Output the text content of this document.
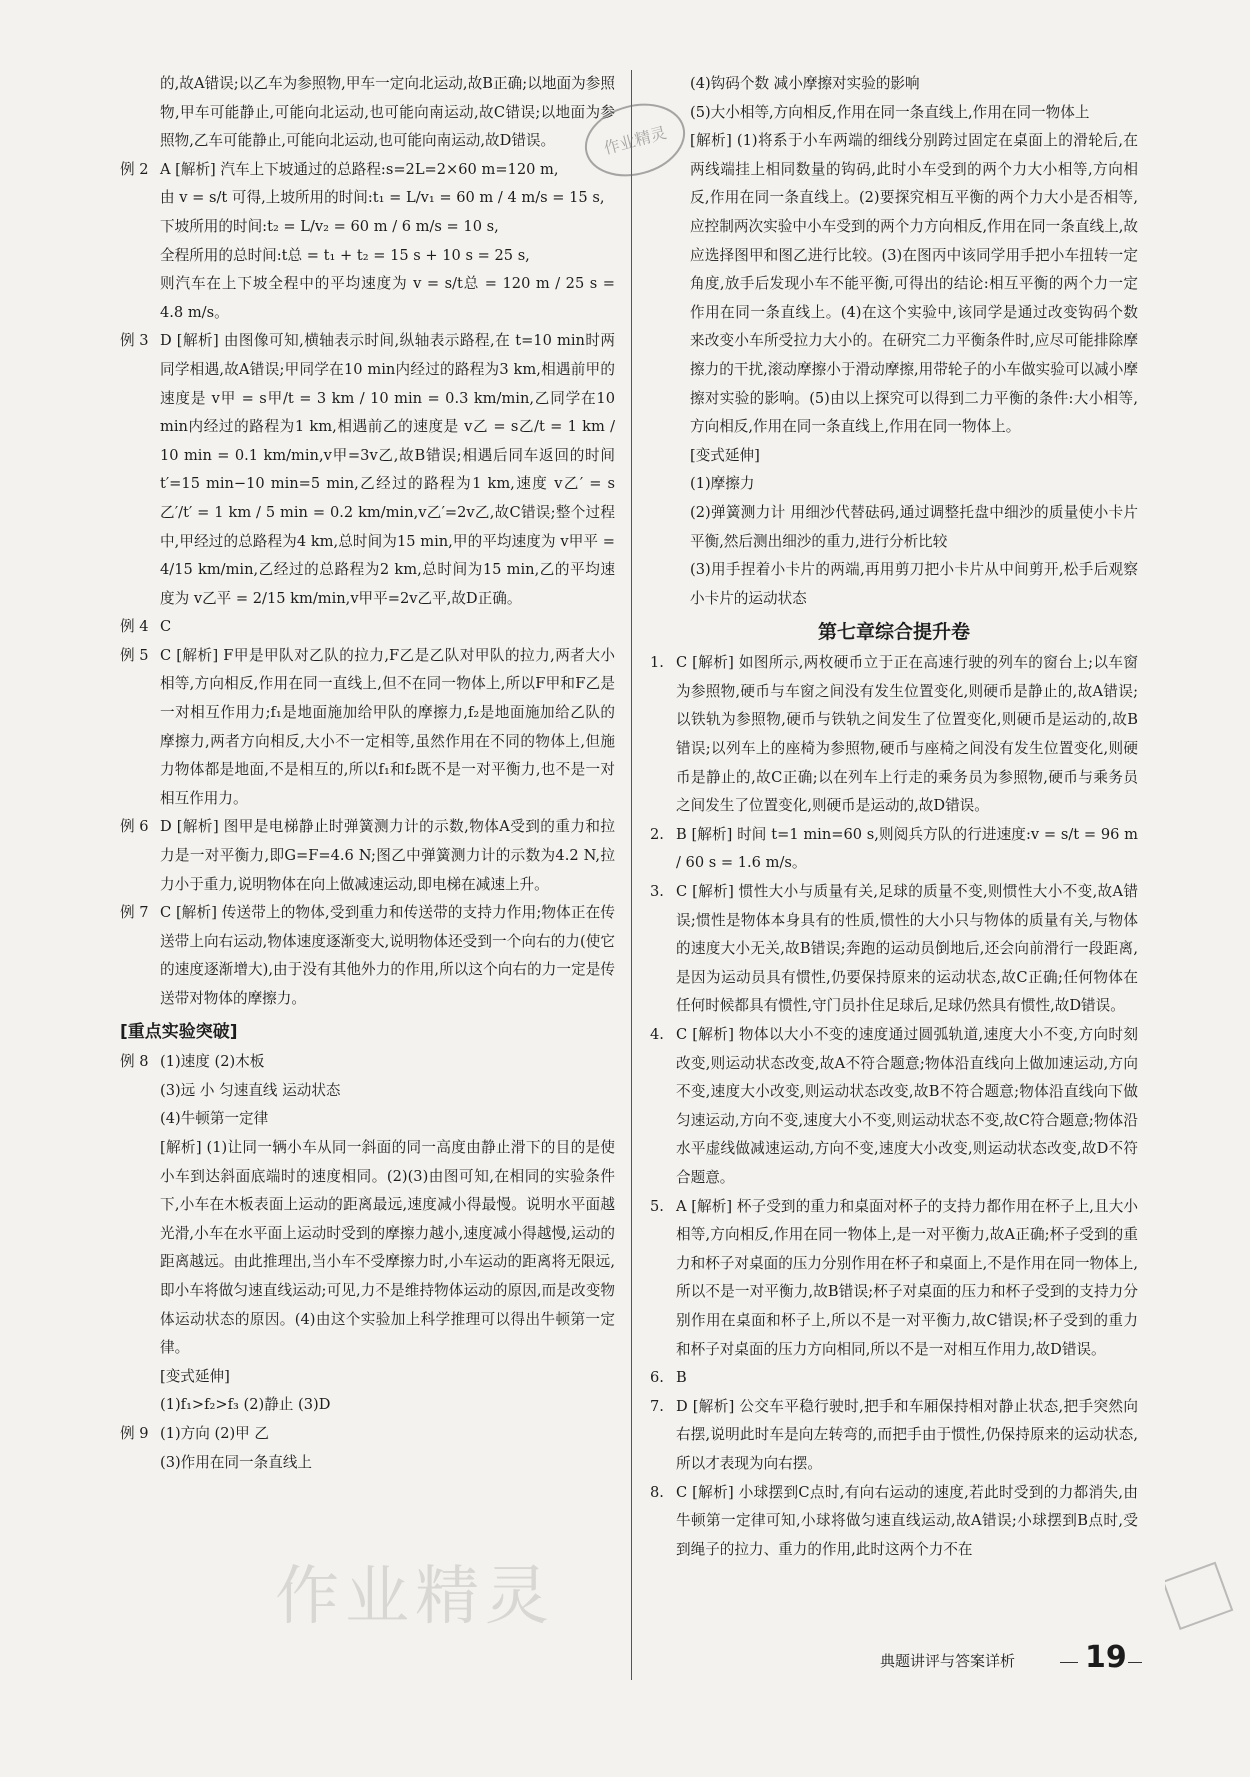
的,故A错误;以乙车为参照物,甲车一定向北运动,故B正确;以地面为参照物,甲车可能静止,可能向北运动,也可能向南运动,故C错误;以地面为参照物,乙车可能静止,可能向北运动,也可能向南运动,故D错误。

例 2 A [解析] 汽车上下坡通过的总路程:s=2L=2×60 m=120 m,

由 v = s/t 可得,上坡所用的时间:t₁ = L/v₁ = 60 m / 4 m/s = 15 s,

下坡所用的时间:t₂ = L/v₂ = 60 m / 6 m/s = 10 s,

全程所用的总时间:t总 = t₁ + t₂ = 15 s + 10 s = 25 s,

则汽车在上下坡全程中的平均速度为 v = s/t总 = 120 m / 25 s = 4.8 m/s。

例 3 D [解析] 由图像可知,横轴表示时间,纵轴表示路程,在 t=10 min时两同学相遇,故A错误;甲同学在10 min内经过的路程为3 km,相遇前甲的速度是 v甲 = s甲/t = 3 km / 10 min = 0.3 km/min,乙同学在10 min内经过的路程为1 km,相遇前乙的速度是 v乙 = s乙/t = 1 km / 10 min = 0.1 km/min,v甲=3v乙,故B错误;相遇后同车返回的时间 t′=15 min−10 min=5 min,乙经过的路程为1 km,速度 v乙′ = s乙′/t′ = 1 km / 5 min = 0.2 km/min,v乙′=2v乙,故C错误;整个过程中,甲经过的总路程为4 km,总时间为15 min,甲的平均速度为 v甲平 = 4/15 km/min,乙经过的总路程为2 km,总时间为15 min,乙的平均速度为 v乙平 = 2/15 km/min,v甲平=2v乙平,故D正确。

例 4 C

例 5 C [解析] F甲是甲队对乙队的拉力,F乙是乙队对甲队的拉力,两者大小相等,方向相反,作用在同一直线上,但不在同一物体上,所以F甲和F乙是一对相互作用力;f₁是地面施加给甲队的摩擦力,f₂是地面施加给乙队的摩擦力,两者方向相反,大小不一定相等,虽然作用在不同的物体上,但施力物体都是地面,不是相互的,所以f₁和f₂既不是一对平衡力,也不是一对相互作用力。

例 6 D [解析] 图甲是电梯静止时弹簧测力计的示数,物体A受到的重力和拉力是一对平衡力,即G=F=4.6 N;图乙中弹簧测力计的示数为4.2 N,拉力小于重力,说明物体在向上做减速运动,即电梯在减速上升。

例 7 C [解析] 传送带上的物体,受到重力和传送带的支持力作用;物体正在传送带上向右运动,物体速度逐渐变大,说明物体还受到一个向右的力(使它的速度逐渐增大),由于没有其他外力的作用,所以这个向右的力一定是传送带对物体的摩擦力。

[重点实验突破]
例 8 (1)速度 (2)木板

(3)远 小 匀速直线 运动状态

(4)牛顿第一定律

[解析] (1)让同一辆小车从同一斜面的同一高度由静止滑下的目的是使小车到达斜面底端时的速度相同。(2)(3)由图可知,在相同的实验条件下,小车在木板表面上运动的距离最远,速度减小得最慢。说明水平面越光滑,小车在水平面上运动时受到的摩擦力越小,速度减小得越慢,运动的距离越远。由此推理出,当小车不受摩擦力时,小车运动的距离将无限远,即小车将做匀速直线运动;可见,力不是维持物体运动的原因,而是改变物体运动状态的原因。(4)由这个实验加上科学推理可以得出牛顿第一定律。

[变式延伸]

(1)f₁>f₂>f₃ (2)静止 (3)D

例 9 (1)方向 (2)甲 乙

(3)作用在同一条直线上

(4)钩码个数 减小摩擦对实验的影响

(5)大小相等,方向相反,作用在同一条直线上,作用在同一物体上

[解析] (1)将系于小车两端的细线分别跨过固定在桌面上的滑轮后,在两线端挂上相同数量的钩码,此时小车受到的两个力大小相等,方向相反,作用在同一条直线上。(2)要探究相互平衡的两个力大小是否相等,应控制两次实验中小车受到的两个力方向相反,作用在同一条直线上,故应选择图甲和图乙进行比较。(3)在图丙中该同学用手把小车扭转一定角度,放手后发现小车不能平衡,可得出的结论:相互平衡的两个力一定作用在同一条直线上。(4)在这个实验中,该同学是通过改变钩码个数来改变小车所受拉力大小的。在研究二力平衡条件时,应尽可能排除摩擦力的干扰,滚动摩擦小于滑动摩擦,用带轮子的小车做实验可以减小摩擦对实验的影响。(5)由以上探究可以得到二力平衡的条件:大小相等,方向相反,作用在同一条直线上,作用在同一物体上。

[变式延伸]

(1)摩擦力

(2)弹簧测力计 用细沙代替砝码,通过调整托盘中细沙的质量使小卡片平衡,然后测出细沙的重力,进行分析比较

(3)用手捏着小卡片的两端,再用剪刀把小卡片从中间剪开,松手后观察小卡片的运动状态

第七章综合提升卷
1. C [解析] 如图所示,两枚硬币立于正在高速行驶的列车的窗台上;以车窗为参照物,硬币与车窗之间没有发生位置变化,则硬币是静止的,故A错误;以铁轨为参照物,硬币与铁轨之间发生了位置变化,则硬币是运动的,故B错误;以列车上的座椅为参照物,硬币与座椅之间没有发生位置变化,则硬币是静止的,故C正确;以在列车上行走的乘务员为参照物,硬币与乘务员之间发生了位置变化,则硬币是运动的,故D错误。

2. B [解析] 时间 t=1 min=60 s,则阅兵方队的行进速度:v = s/t = 96 m / 60 s = 1.6 m/s。

3. C [解析] 惯性大小与质量有关,足球的质量不变,则惯性大小不变,故A错误;惯性是物体本身具有的性质,惯性的大小只与物体的质量有关,与物体的速度大小无关,故B错误;奔跑的运动员倒地后,还会向前滑行一段距离,是因为运动员具有惯性,仍要保持原来的运动状态,故C正确;任何物体在任何时候都具有惯性,守门员扑住足球后,足球仍然具有惯性,故D错误。

4. C [解析] 物体以大小不变的速度通过圆弧轨道,速度大小不变,方向时刻改变,则运动状态改变,故A不符合题意;物体沿直线向上做加速运动,方向不变,速度大小改变,则运动状态改变,故B不符合题意;物体沿直线向下做匀速运动,方向不变,速度大小不变,则运动状态不变,故C符合题意;物体沿水平虚线做减速运动,方向不变,速度大小改变,则运动状态改变,故D不符合题意。

5. A [解析] 杯子受到的重力和桌面对杯子的支持力都作用在杯子上,且大小相等,方向相反,作用在同一物体上,是一对平衡力,故A正确;杯子受到的重力和杯子对桌面的压力分别作用在杯子和桌面上,不是作用在同一物体上,所以不是一对平衡力,故B错误;杯子对桌面的压力和杯子受到的支持力分别作用在桌面和杯子上,所以不是一对平衡力,故C错误;杯子受到的重力和杯子对桌面的压力方向相同,所以不是一对相互作用力,故D错误。

6. B

7. D [解析] 公交车平稳行驶时,把手和车厢保持相对静止状态,把手突然向右摆,说明此时车是向左转弯的,而把手由于惯性,仍保持原来的运动状态,所以才表现为向右摆。

8. C [解析] 小球摆到C点时,有向右运动的速度,若此时受到的力都消失,由牛顿第一定律可知,小球将做匀速直线运动,故A错误;小球摆到B点时,受到绳子的拉力、重力的作用,此时这两个力不在

作业精灵
作业精灵
典题讲评与答案详析 19
